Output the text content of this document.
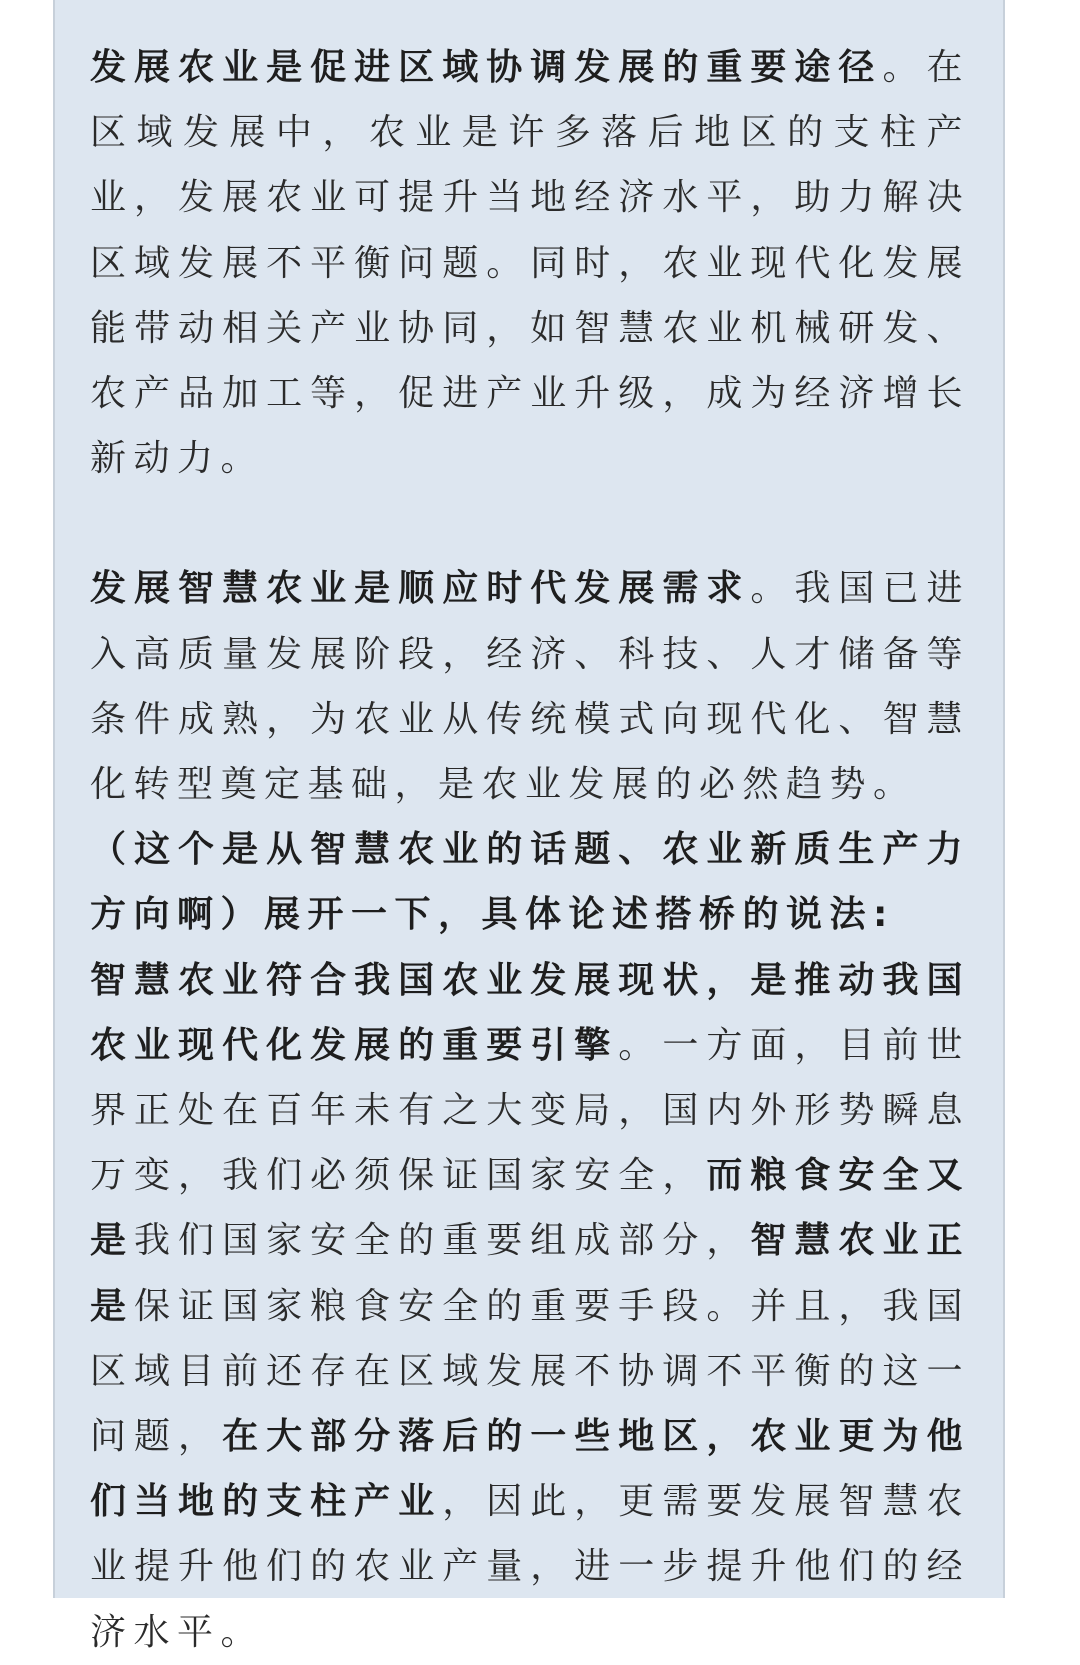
发展农业是促进区域协调发展的重要途径。在区域发展中，农业是许多落后地区的支柱产业，发展农业可提升当地经济水平，助力解决区域发展不平衡问题。同时，农业现代化发展能带动相关产业协同，如智慧农业机械研发、农产品加工等，促进产业升级，成为经济增长新动力。

发展智慧农业是顺应时代发展需求。我国已进入高质量发展阶段，经济、科技、人才储备等条件成熟，为农业从传统模式向现代化、智慧化转型奠定基础，是农业发展的必然趋势。

（这个是从智慧农业的话题、农业新质生产力方向啊）展开一下，具体论述搭桥的说法:

智慧农业符合我国农业发展现状，是推动我国农业现代化发展的重要引擎。一方面，目前世界正处在百年未有之大变局，国内外形势瞬息万变，我们必须保证国家安全，而粮食安全又是我们国家安全的重要组成部分，智慧农业正是保证国家粮食安全的重要手段。并且，我国区域目前还存在区域发展不协调不平衡的这一问题，在大部分落后的一些地区，农业更为他们当地的支柱产业，因此，更需要发展智慧农业提升他们的农业产量，进一步提升他们的经济水平。
